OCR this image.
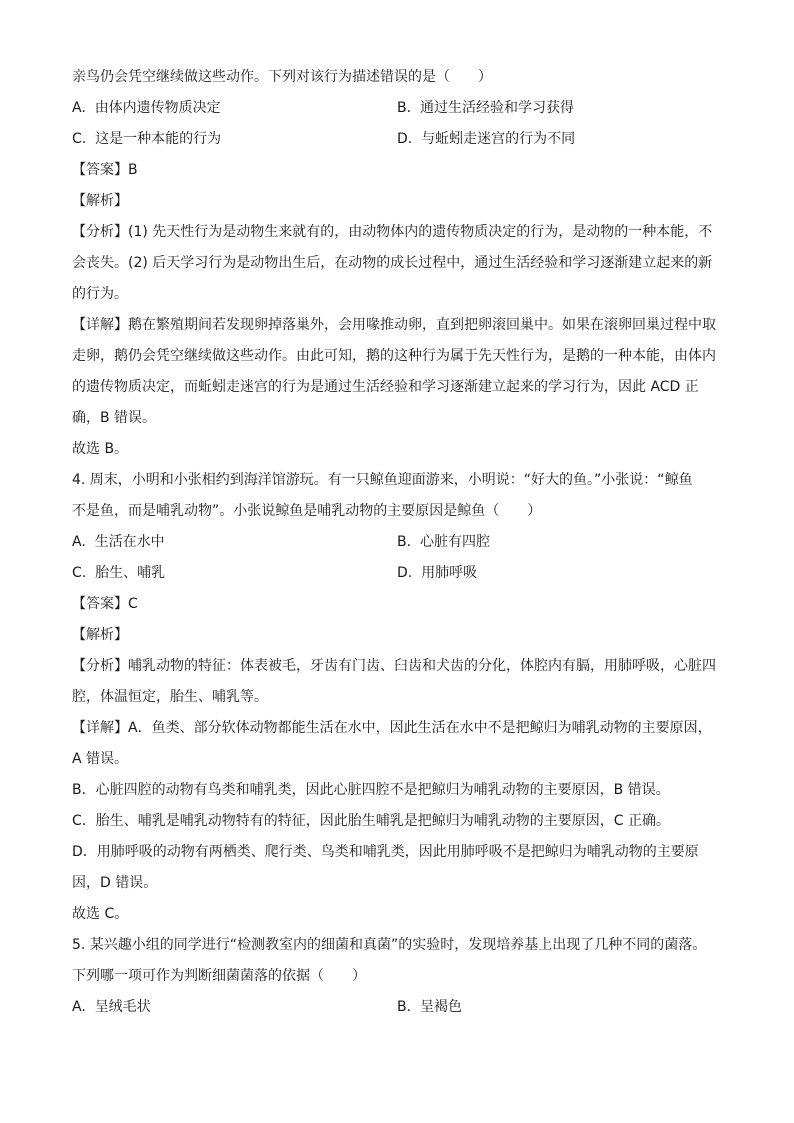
亲鸟仍会凭空继续做这些动作。下列对该行为描述错误的是（　　）
A. 由体内遗传物质决定	B. 通过生活经验和学习获得
C. 这是一种本能的行为	D. 与蚯蚓走迷宫的行为不同
【答案】B
【解析】
【分析】(1) 先天性行为是动物生来就有的，由动物体内的遗传物质决定的行为，是动物的一种本能，不
会丧失。(2) 后天学习行为是动物出生后，在动物的成长过程中，通过生活经验和学习逐渐建立起来的新
的行为。
【详解】鹅在繁殖期间若发现卵掉落巢外，会用喙推动卵，直到把卵滚回巢中。如果在滚卵回巢过程中取
走卵，鹅仍会凭空继续做这些动作。由此可知，鹅的这种行为属于先天性行为，是鹅的一种本能，由体内
的遗传物质决定，而蚯蚓走迷宫的行为是通过生活经验和学习逐渐建立起来的学习行为，因此 ACD 正
确，B 错误。
故选 B。
4. 周末，小明和小张相约到海洋馆游玩。有一只鲸鱼迎面游来，小明说：“好大的鱼。”小张说：“鲸鱼
不是鱼，而是哺乳动物”。小张说鲸鱼是哺乳动物的主要原因是鲸鱼（　　）
A. 生活在水中	B. 心脏有四腔
C. 胎生、哺乳	D. 用肺呼吸
【答案】C
【解析】
【分析】哺乳动物的特征：体表被毛，牙齿有门齿、臼齿和犬齿的分化，体腔内有膈，用肺呼吸，心脏四
腔，体温恒定，胎生、哺乳等。
【详解】A．鱼类、部分软体动物都能生活在水中，因此生活在水中不是把鲸归为哺乳动物的主要原因，
A 错误。
B．心脏四腔的动物有鸟类和哺乳类，因此心脏四腔不是把鲸归为哺乳动物的主要原因，B 错误。
C．胎生、哺乳是哺乳动物特有的特征，因此胎生哺乳是把鲸归为哺乳动物的主要原因，C 正确。
D．用肺呼吸的动物有两栖类、爬行类、鸟类和哺乳类，因此用肺呼吸不是把鲸归为哺乳动物的主要原
因，D 错误。
故选 C。
5. 某兴趣小组的同学进行“检测教室内的细菌和真菌”的实验时，发现培养基上出现了几种不同的菌落。
下列哪一项可作为判断细菌菌落的依据（　　）
A. 呈绒毛状	B. 呈褐色
